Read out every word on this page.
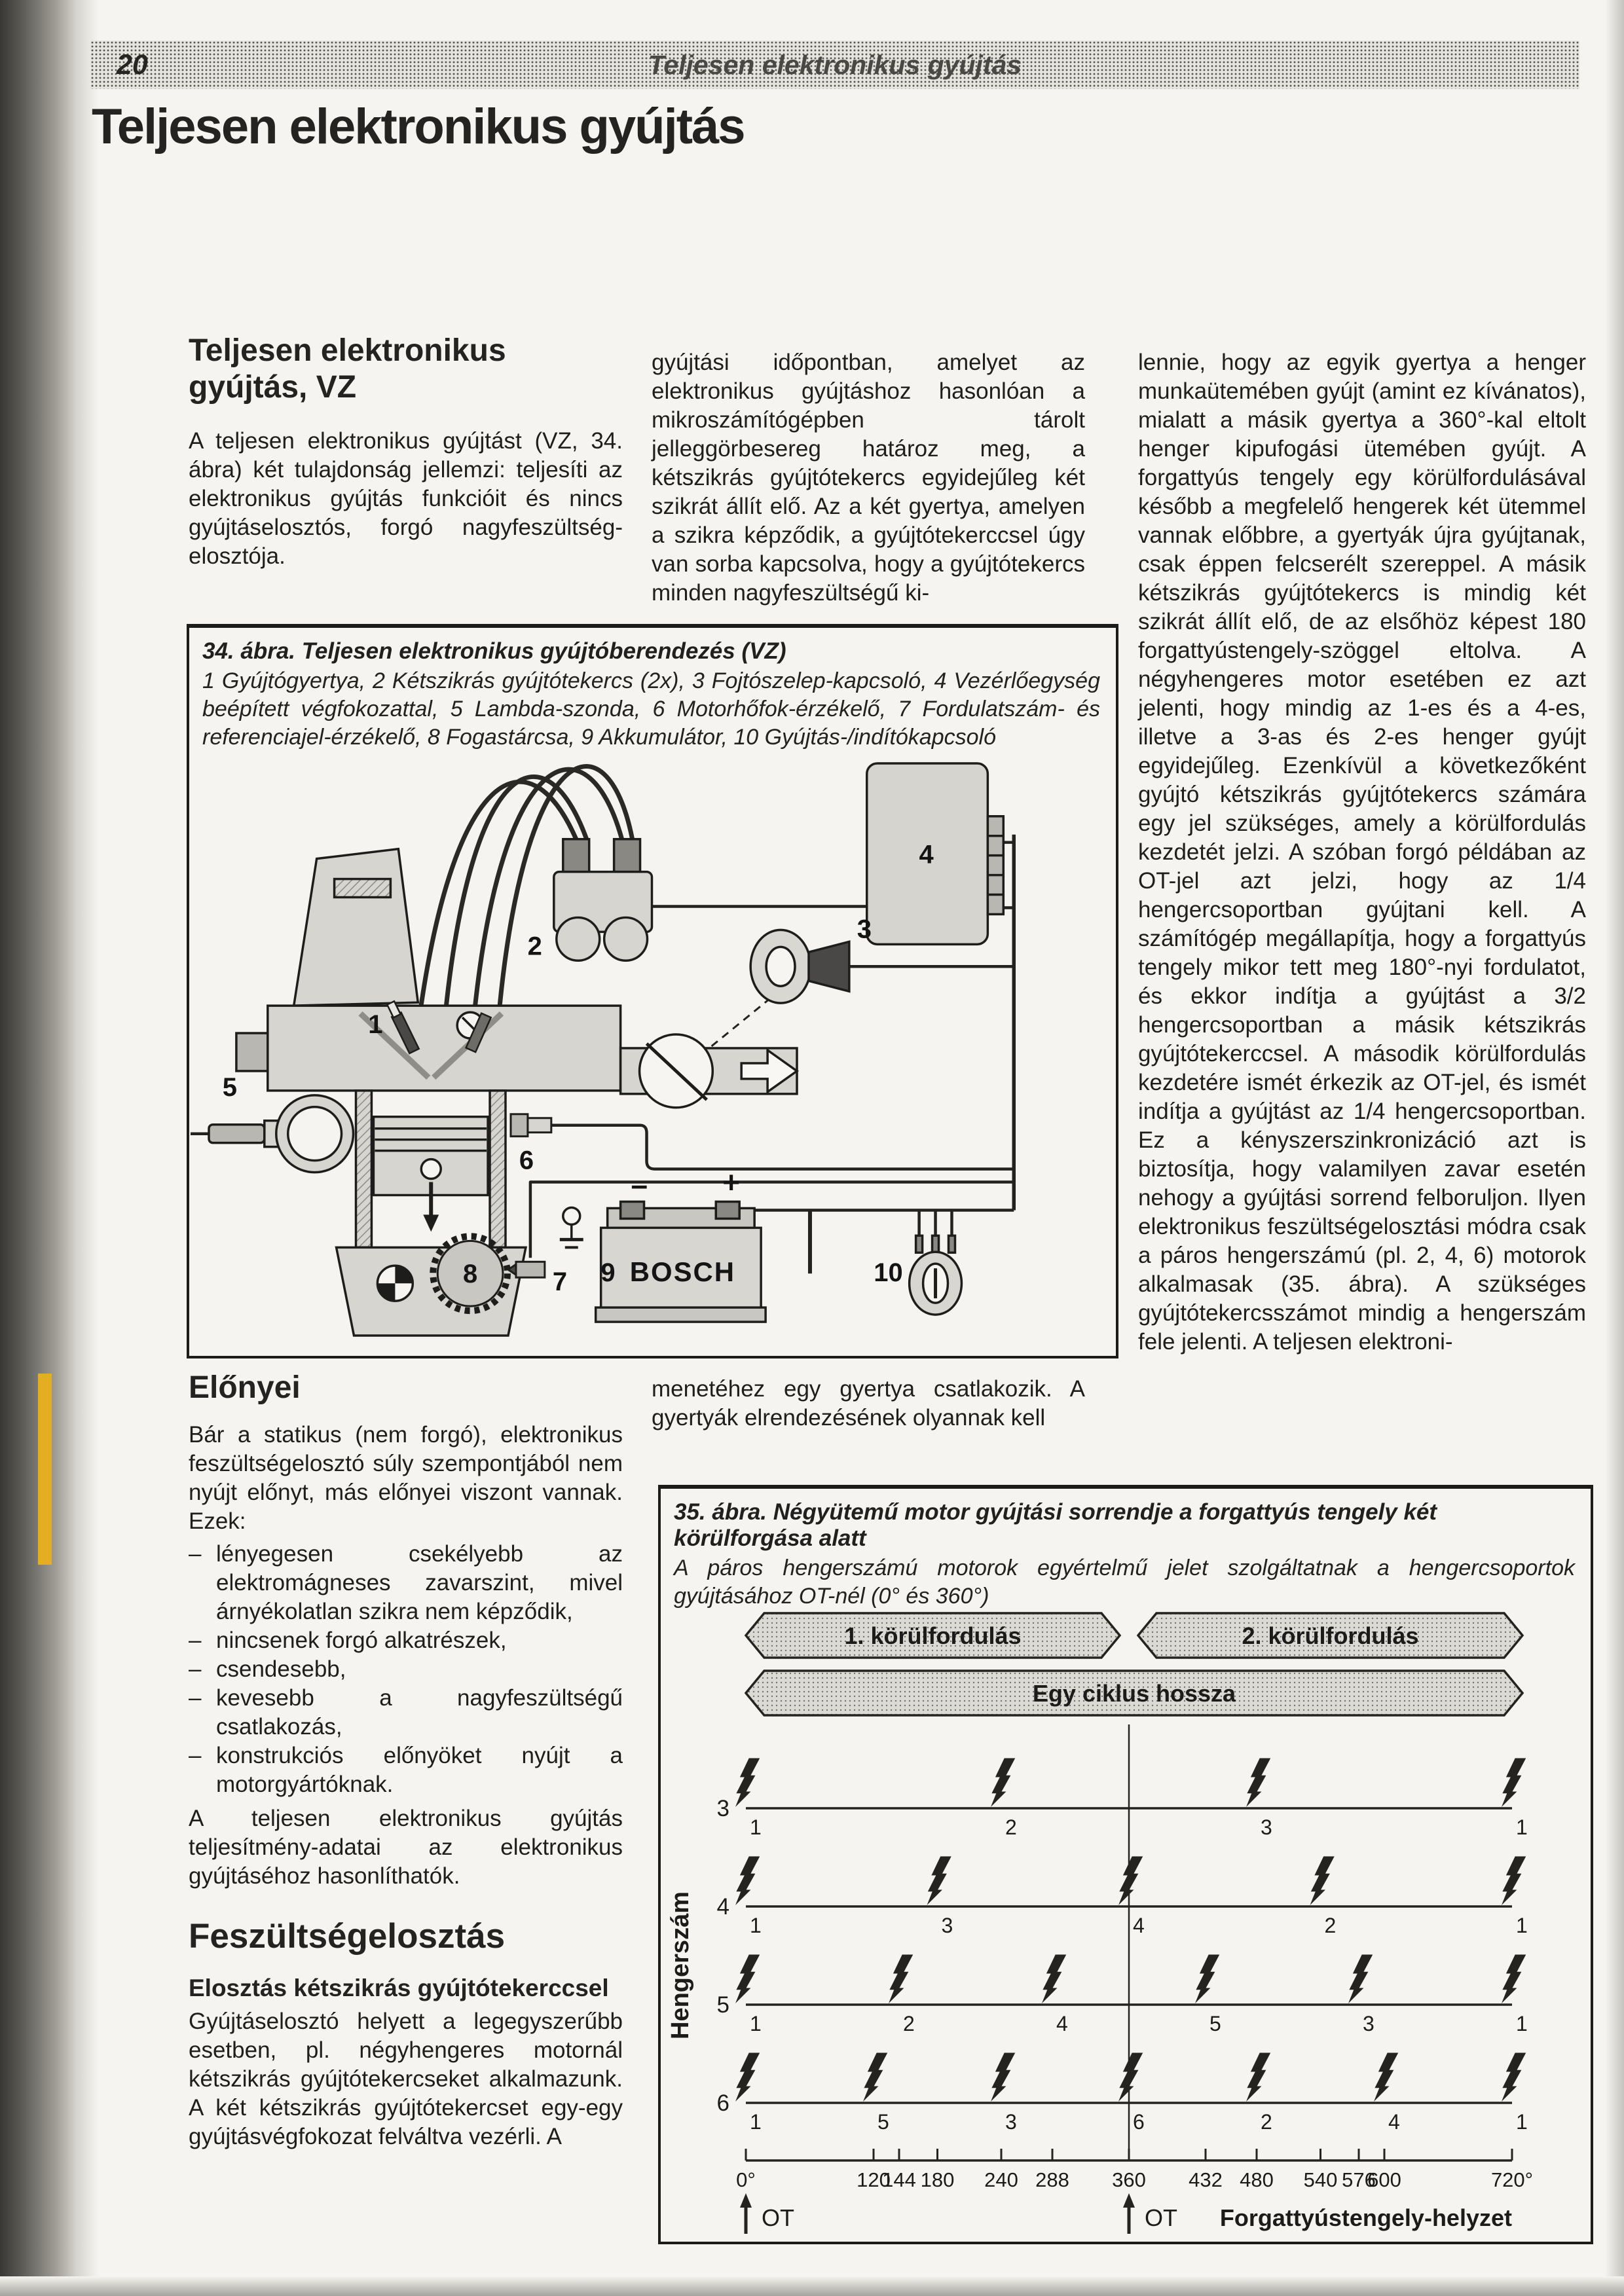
20	Teljesen elektronikus gyújtás
Teljesen elektronikus gyújtás
Teljesen elektronikus gyújtás, VZ
A teljesen elektronikus gyújtást (VZ, 34. ábra) két tulajdonság jellemzi: teljesíti az elektronikus gyújtás funkcióit és nincs gyújtáselosztós, forgó nagyfeszültség-elosztója.
gyújtási időpontban, amelyet az elektronikus gyújtáshoz hasonlóan a mikroszámítógépben tárolt jelleggörbesereg határoz meg, a kétszikrás gyújtótekercs egyidejűleg két szikrát állít elő. Az a két gyertya, amelyen a szikra képződik, a gyújtótekerccsel úgy van sorba kapcsolva, hogy a gyújtótekercs minden nagyfeszültségű ki-
lennie, hogy az egyik gyertya a henger munkaütemében gyújt (amint ez kívánatos), mialatt a másik gyertya a 360°-kal eltolt henger kipufogási ütemében gyújt. A forgattyús tengely egy körülfordulásával később a megfelelő hengerek két ütemmel vannak előbbre, a gyertyák újra gyújtanak, csak éppen felcserélt szereppel. A másik kétszikrás gyújtótekercs is mindig két szikrát állít elő, de az elsőhöz képest 180 forgattyústengely-szöggel eltolva. A négyhengeres motor esetében ez azt jelenti, hogy mindig az 1-es és a 4-es, illetve a 3-as és 2-es henger gyújt egyidejűleg. Ezenkívül a következőként gyújtó kétszikrás gyújtótekercs számára egy jel szükséges, amely a körülfordulás kezdetét jelzi. A szóban forgó példában az OT-jel azt jelzi, hogy az 1/4 hengercsoportban gyújtani kell. A számítógép megállapítja, hogy a forgattyús tengely mikor tett meg 180°-nyi fordulatot, és ekkor indítja a gyújtást a 3/2 hengercsoportban a másik kétszikrás gyújtótekerccsel. A második körülfordulás kezdetére ismét érkezik az OT-jel, és ismét indítja a gyújtást az 1/4 hengercsoportban. Ez a kényszerszinkronizáció azt is biztosítja, hogy valamilyen zavar esetén nehogy a gyújtási sorrend felboruljon. Ilyen elektronikus feszültségelosztási módra csak a páros hengerszámú (pl. 2, 4, 6) motorok alkalmasak (35. ábra). A szükséges gyújtótekercsszámot mindig a hengerszám fele jelenti. A teljesen elektroni-
34. ábra. Teljesen elektronikus gyújtóberendezés (VZ)
1 Gyújtógyertya, 2 Kétszikrás gyújtótekercs (2x), 3 Fojtószelep-kapcsoló, 4 Vezérlőegység beépített végfokozattal, 5 Lambda-szonda, 6 Motorhőfok-érzékelő, 7 Fordulatszám- és referenciajel-érzékelő, 8 Fogastárcsa, 9 Akkumulátor, 10 Gyújtás-/indítókapcsoló
1
2
3
4
5
6
7
8	9	10
– +
BOSCH
menetéhez egy gyertya csatlakozik. A gyertyák elrendezésének olyannak kell
Előnyei
Bár a statikus (nem forgó), elektronikus feszültségelosztó súly szempontjából nem nyújt előnyt, más előnyei viszont vannak. Ezek:
– lényegesen csekélyebb az elektromágneses zavarszint, mivel árnyékolatlan szikra nem képződik,
– nincsenek forgó alkatrészek,
– csendesebb,
– kevesebb a nagyfeszültségű csatlakozás,
– konstrukciós előnyöket nyújt a motorgyártóknak.
A teljesen elektronikus gyújtás teljesítmény-adatai az elektronikus gyújtáséhoz hasonlíthatók.
Feszültségelosztás
Elosztás kétszikrás gyújtótekerccsel
Gyújtáselosztó helyett a legegyszerűbb esetben, pl. négyhengeres motornál kétszikrás gyújtótekercseket alkalmazunk. A két kétszikrás gyújtótekercset egy-egy gyújtásvégfokozat felváltva vezérli. A
35. ábra. Négyütemű motor gyújtási sorrendje a forgattyús tengely két körülforgása alatt
A páros hengerszámú motorok egyértelmű jelet szolgáltatnak a hengercsoportok gyújtásához OT-nél (0° és 360°)
1. körülfordulás	2. körülfordulás
Egy ciklus hossza
Hengerszám
3
1	2	3	1
4
1	3	4	2	1
5
1	2	4	5	3	1
6
1	5	3	6	2	4	1
0°	120
144 180 240 288 360 432 480 540 576
600	720°
OT	OT Forgattyústengely-helyzet
